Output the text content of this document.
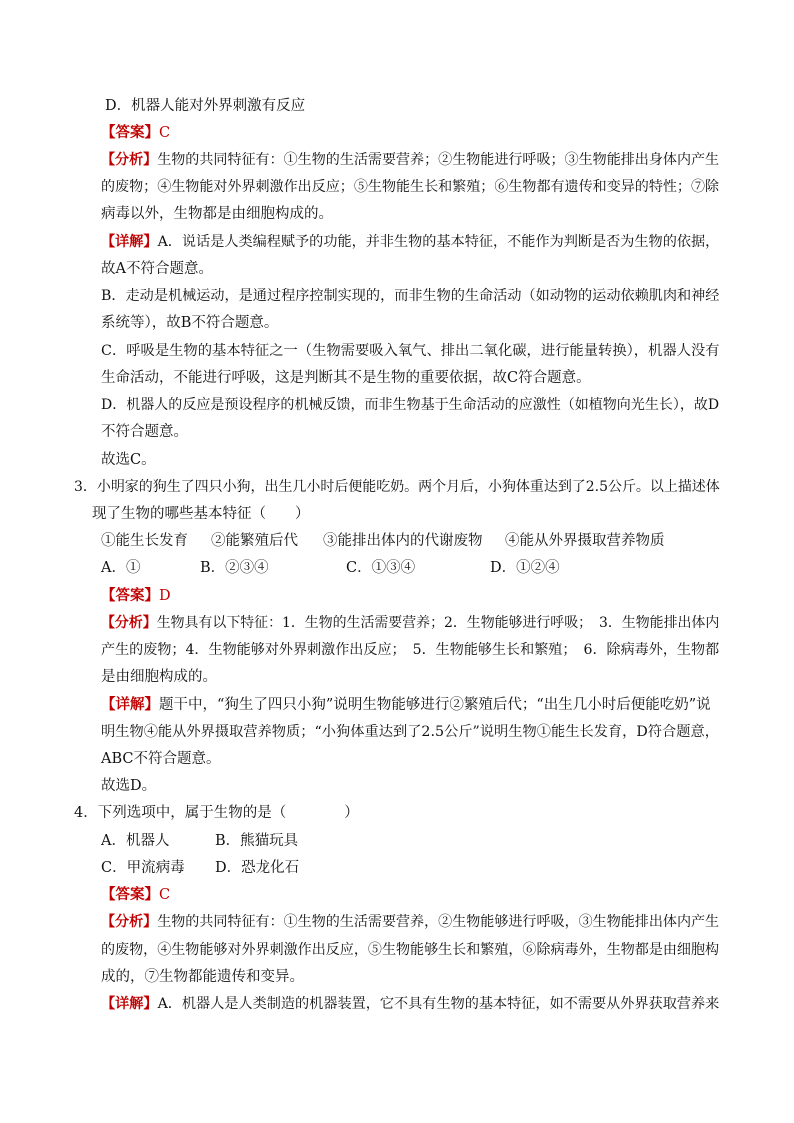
D．机器人能对外界刺激有反应
【答案】C
【分析】生物的共同特征有：①生物的生活需要营养；②生物能进行呼吸；③生物能排出身体内产生
的废物；④生物能对外界刺激作出反应；⑤生物能生长和繁殖；⑥生物都有遗传和变异的特性；⑦除
病毒以外，生物都是由细胞构成的。
【详解】A．说话是人类编程赋予的功能，并非生物的基本特征，不能作为判断是否为生物的依据，
故A不符合题意。
B．走动是机械运动，是通过程序控制实现的，而非生物的生命活动（如动物的运动依赖肌肉和神经
系统等），故B不符合题意。
C．呼吸是生物的基本特征之一（生物需要吸入氧气、排出二氧化碳，进行能量转换），机器人没有
生命活动，不能进行呼吸，这是判断其不是生物的重要依据，故C符合题意。
D．机器人的反应是预设程序的机械反馈，而非生物基于生命活动的应激性（如植物向光生长），故D
不符合题意。
故选C。
3．小明家的狗生了四只小狗，出生几小时后便能吃奶。两个月后，小狗体重达到了2.5公斤。以上描述体
现了生物的哪些基本特征（　　）
①能生长发育 ②能繁殖后代 ③能排出体内的代谢废物 ④能从外界摄取营养物质
A．①	B．②③④	C．①③④	D．①②④
【答案】D
【分析】生物具有以下特征：1．生物的生活需要营养；2．生物能够进行呼吸；　3．生物能排出体内
产生的废物；4．生物能够对外界刺激作出反应；　5．生物能够生长和繁殖；　6．除病毒外，生物都
是由细胞构成的。
【详解】题干中，“狗生了四只小狗”说明生物能够进行②繁殖后代；“出生几小时后便能吃奶”说
明生物④能从外界摄取营养物质；“小狗体重达到了2.5公斤”说明生物①能生长发育，D符合题意，
ABC不符合题意。
故选D。
4．下列选项中，属于生物的是（　　　　）
A．机器人	B．熊猫玩具
C．甲流病毒 D．恐龙化石
【答案】C
【分析】生物的共同特征有：①生物的生活需要营养，②生物能够进行呼吸，③生物能排出体内产生
的废物，④生物能够对外界刺激作出反应，⑤生物能够生长和繁殖，⑥除病毒外，生物都是由细胞构
成的，⑦生物都能遗传和变异。
【详解】A．机器人是人类制造的机器装置，它不具有生物的基本特征，如不需要从外界获取营养来
